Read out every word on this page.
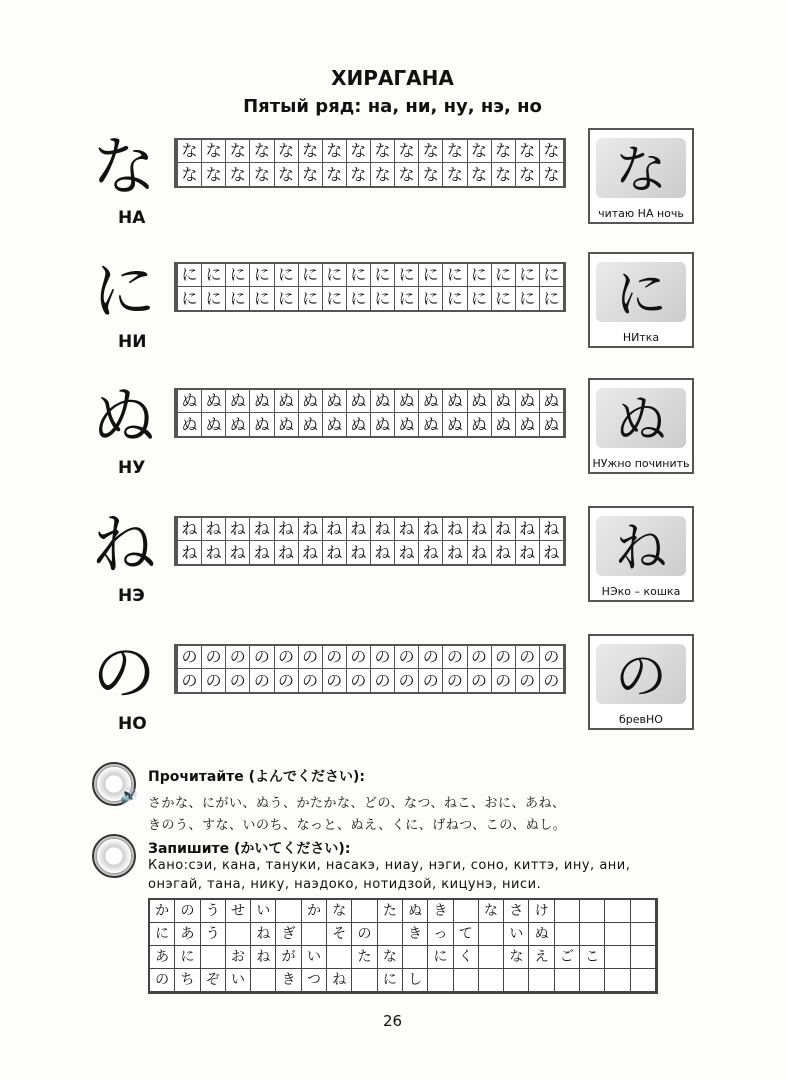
ХИРАГАНА
Пятый ряд: на, ни, ну, нэ, но
な
НА
な な な な な な な な な な な な な な な な
な な な な な な な な な な な な な な な な	な
читаю НА ночь
に
НИ
に に に に に に に に に に に に に に に に
に に に に に に に に に に に に に に に に	に
НИтка
ぬ
НУ
ぬ ぬ ぬ ぬ ぬ ぬ ぬ ぬ ぬ ぬ ぬ ぬ ぬ ぬ ぬ ぬ
ぬ ぬ ぬ ぬ ぬ ぬ ぬ ぬ ぬ ぬ ぬ ぬ ぬ ぬ ぬ ぬ	ぬ
НУжно починить
ね
НЭ
ね ね ね ね ね ね ね ね ね ね ね ね ね ね ね ね
ね ね ね ね ね ね ね ね ね ね ね ね ね ね ね ね	ね
НЭко – кошка
の
НО
の の の の の の の の の の の の の の の の
の の の の の の の の の の の の の の の の	の
бревНО
🔊
Прочитайте (よんでください):
さかな、にがい、ぬう、かたかな、どの、なつ、ねこ、おに、あね、
きのう、すな、いのち、なっと、ぬえ、くに、げねつ、この、ぬし。
Запишите (かいてください):
Кано:сэи, кана, тануки, насакэ, ниау, нэги, соно, киттэ, ину, ани,
онэгай, тана, нику, наэдоко, нотидзой, кицунэ, ниси.
か の う せ い	か な	た ぬ き	な さ け
に あ う	ね ぎ	そ の	き っ て	い ぬ
あ に	お ね が い	た な	に く	な え ご こ
の ち ぞ い	き つ ね	に し
26
